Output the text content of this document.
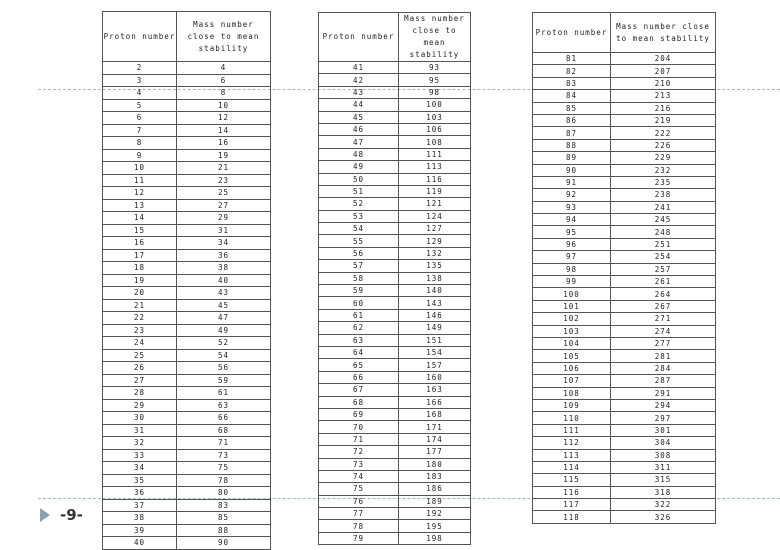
Proton number	Mass number close to mean stability
2	4
3	6
4	8
5	10
6	12
7	14
8	16
9	19
10	21
11	23
12	25
13	27
14	29
15	31
16	34
17	36
18	38
19	40
20	43
21	45
22	47
23	49
24	52
25	54
26	56
27	59
28	61
29	63
30	66
31	68
32	71
33	73
34	75
35	78
36	80
37	83
38	85
39	88
40	90
Proton number	Mass number close to mean stability
41	93
42	95
43	98
44	100
45	103
46	106
47	108
48	111
49	113
50	116
51	119
52	121
53	124
54	127
55	129
56	132
57	135
58	138
59	140
60	143
61	146
62	149
63	151
64	154
65	157
66	160
67	163
68	166
69	168
70	171
71	174
72	177
73	180
74	183
75	186
76	189
77	192
78	195
79	198
Proton number	Mass number close to mean stability
81	204
82	207
83	210
84	213
85	216
86	219
87	222
88	226
89	229
90	232
91	235
92	238
93	241
94	245
95	248
96	251
97	254
98	257
99	261
100	264
101	267
102	271
103	274
104	277
105	281
106	284
107	287
108	291
109	294
110	297
111	301
112	304
113	308
114	311
115	315
116	318
117	322
118	326
-9-
